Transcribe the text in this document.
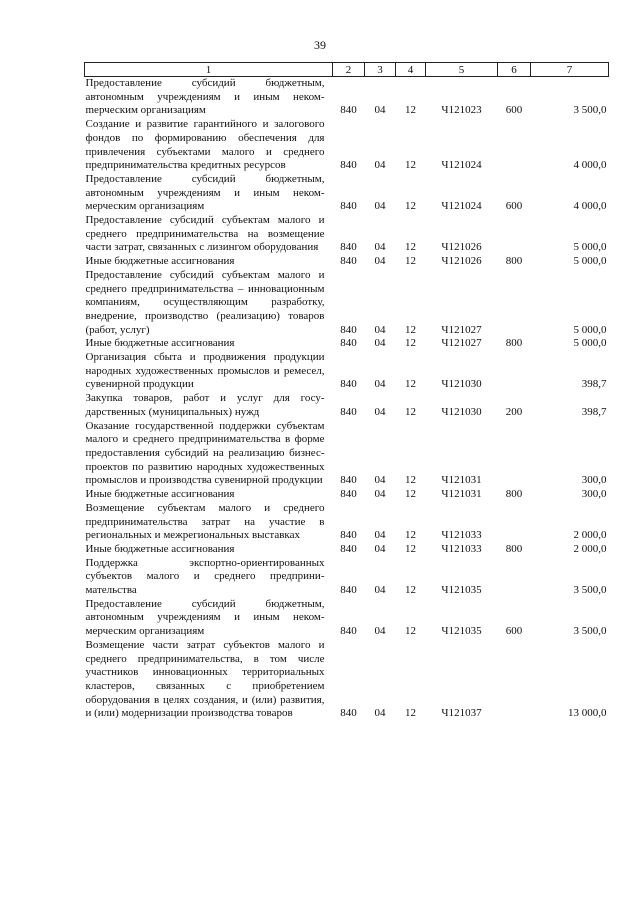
39
1	2	3	4	5	6	7
Предоставление субсидий бюджетным, автономным учреждениям и иным некомmерческим организациям	840	04	12	Ч121023	600	3 500,0
Создание и развитие гарантийного и залогового фондов по формированию обеспечения для привлечения субъектами малого и среднего предпринимательства кредитных ресурсов	840	04	12	Ч121024		4 000,0
Предоставление субсидий бюджетным, автономным учреждениям и иным некоммерческим организациям	840	04	12	Ч121024	600	4 000,0
Предоставление субсидий субъектам малого и среднего предпринимательства на возмещение части затрат, связанных с лизингом оборудования	840	04	12	Ч121026		5 000,0
Иные бюджетные ассигнования	840	04	12	Ч121026	800	5 000,0
Предоставление субсидий субъектам малого и среднего предпринимательства – инновационным компаниям, осуществляющим разработку, внедрение, производство (реализацию) товаров (работ, услуг)	840	04	12	Ч121027		5 000,0
Иные бюджетные ассигнования	840	04	12	Ч121027	800	5 000,0
Организация сбыта и продвижения продукции народных художественных промыслов и ремесел, сувенирной продукции	840	04	12	Ч121030		398,7
Закупка товаров, работ и услуг для государственных (муниципальных) нужд	840	04	12	Ч121030	200	398,7
Оказание государственной поддержки субъектам малого и среднего предпринимательства в форме предоставления субсидий на реализацию бизнес-проектов по развитию народных художественных промыслов и производства сувенирной продукции	840	04	12	Ч121031		300,0
Иные бюджетные ассигнования	840	04	12	Ч121031	800	300,0
Возмещение субъектам малого и среднего предпринимательства затрат на участие в региональных и межрегиональных выставках	840	04	12	Ч121033		2 000,0
Иные бюджетные ассигнования	840	04	12	Ч121033	800	2 000,0
Поддержка экспортно-ориентированных субъектов малого и среднего предпринимательства	840	04	12	Ч121035		3 500,0
Предоставление субсидий бюджетным, автономным учреждениям и иным некоммерческим организациям	840	04	12	Ч121035	600	3 500,0
Возмещение части затрат субъектов малого и среднего предпринимательства, в том числе участников инновационных территориальных кластеров, связанных с приобретением оборудования в целях создания, и (или) развития, и (или) модернизации производства товаров	840	04	12	Ч121037		13 000,0
